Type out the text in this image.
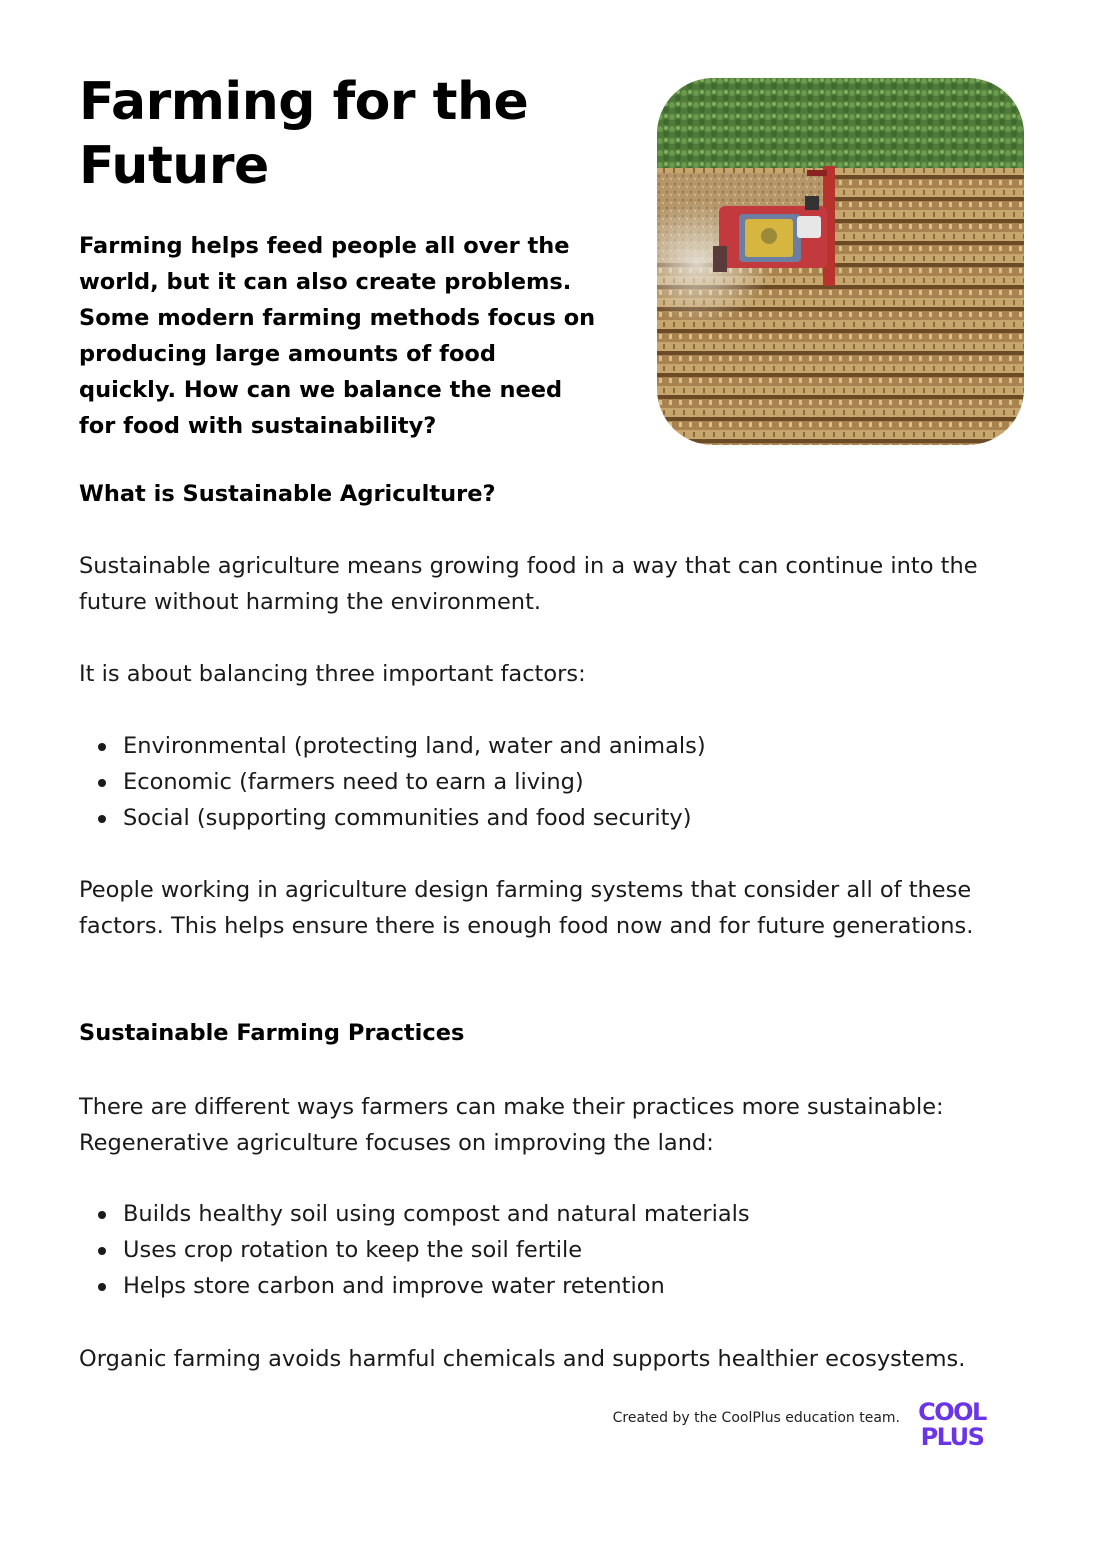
Farming for the Future

Farming helps feed people all over the world, but it can also create problems. Some modern farming methods focus on producing large amounts of food quickly. How can we balance the need for food with sustainability?

What is Sustainable Agriculture?

Sustainable agriculture means growing food in a way that can continue into the future without harming the environment.

It is about balancing three important factors:

Environmental (protecting land, water and animals)
Economic (farmers need to earn a living)
Social (supporting communities and food security)

People working in agriculture design farming systems that consider all of these factors. This helps ensure there is enough food now and for future generations.

Sustainable Farming Practices

There are different ways farmers can make their practices more sustainable: Regenerative agriculture focuses on improving the land:

Builds healthy soil using compost and natural materials
Uses crop rotation to keep the soil fertile
Helps store carbon and improve water retention

Organic farming avoids harmful chemicals and supports healthier ecosystems.

Created by the CoolPlus education team. COOL
PLUS
